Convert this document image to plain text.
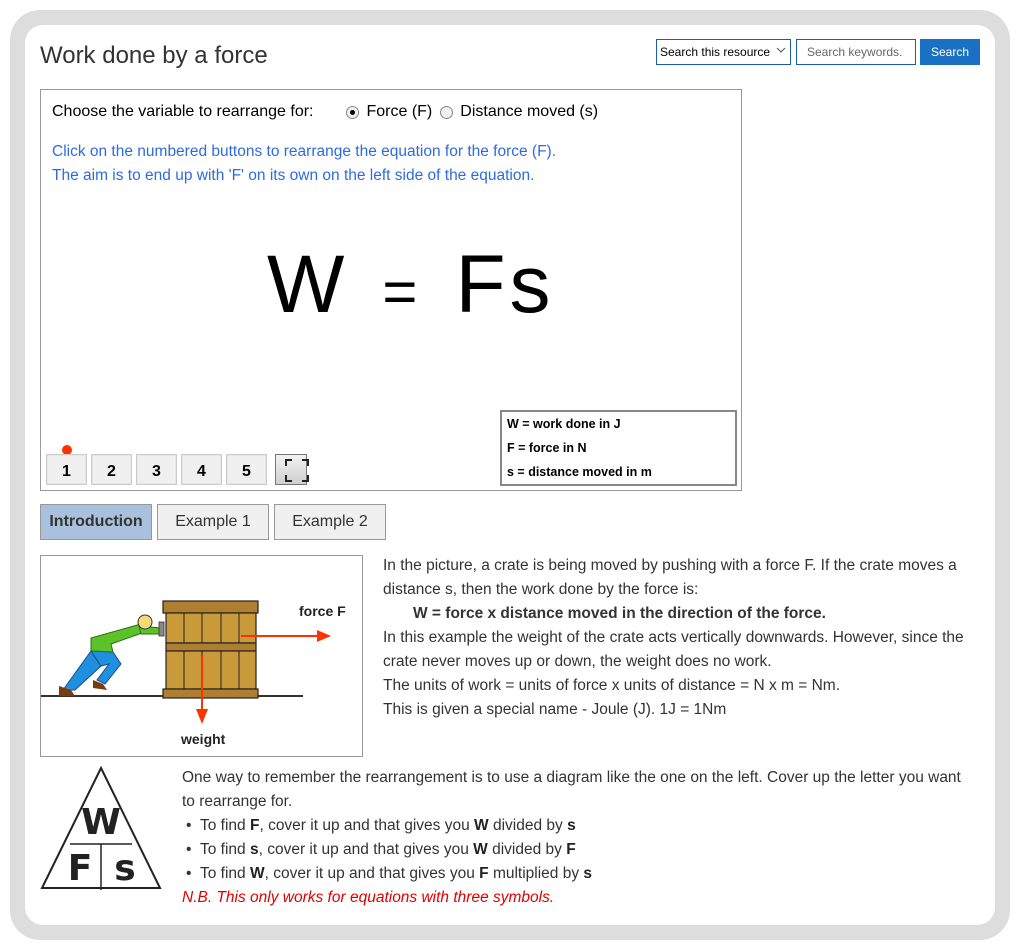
Work done by a force	Search this resource
Search keywords.	Search
Choose the variable to rearrange for:	Force (F) Distance moved (s)
Click on the numbered buttons to rearrange the equation for the force (F).
The aim is to end up with 'F' on its own on the left side of the equation.
W = F s
1	2	3	4	5
W = work done in J
F = force in N
s = distance moved in m
Introduction	Example 1	Example 2
force F
weight
In the picture, a crate is being moved by pushing with a force F. If the crate moves a distance s, then the work done by the force is:
W = force x distance moved in the direction of the force.
In this example the weight of the crate acts vertically downwards. However, since the crate never moves up or down, the weight does no work.
The units of work = units of force x units of distance = N x m = Nm.
This is given a special name - Joule (J). 1J = 1Nm
W
F s
One way to remember the rearrangement is to use a diagram like the one on the left. Cover up the letter you want to rearrange for.
• To find F, cover it up and that gives you W divided by s
• To find s, cover it up and that gives you W divided by F
• To find W, cover it up and that gives you F multiplied by s
N.B. This only works for equations with three symbols.
